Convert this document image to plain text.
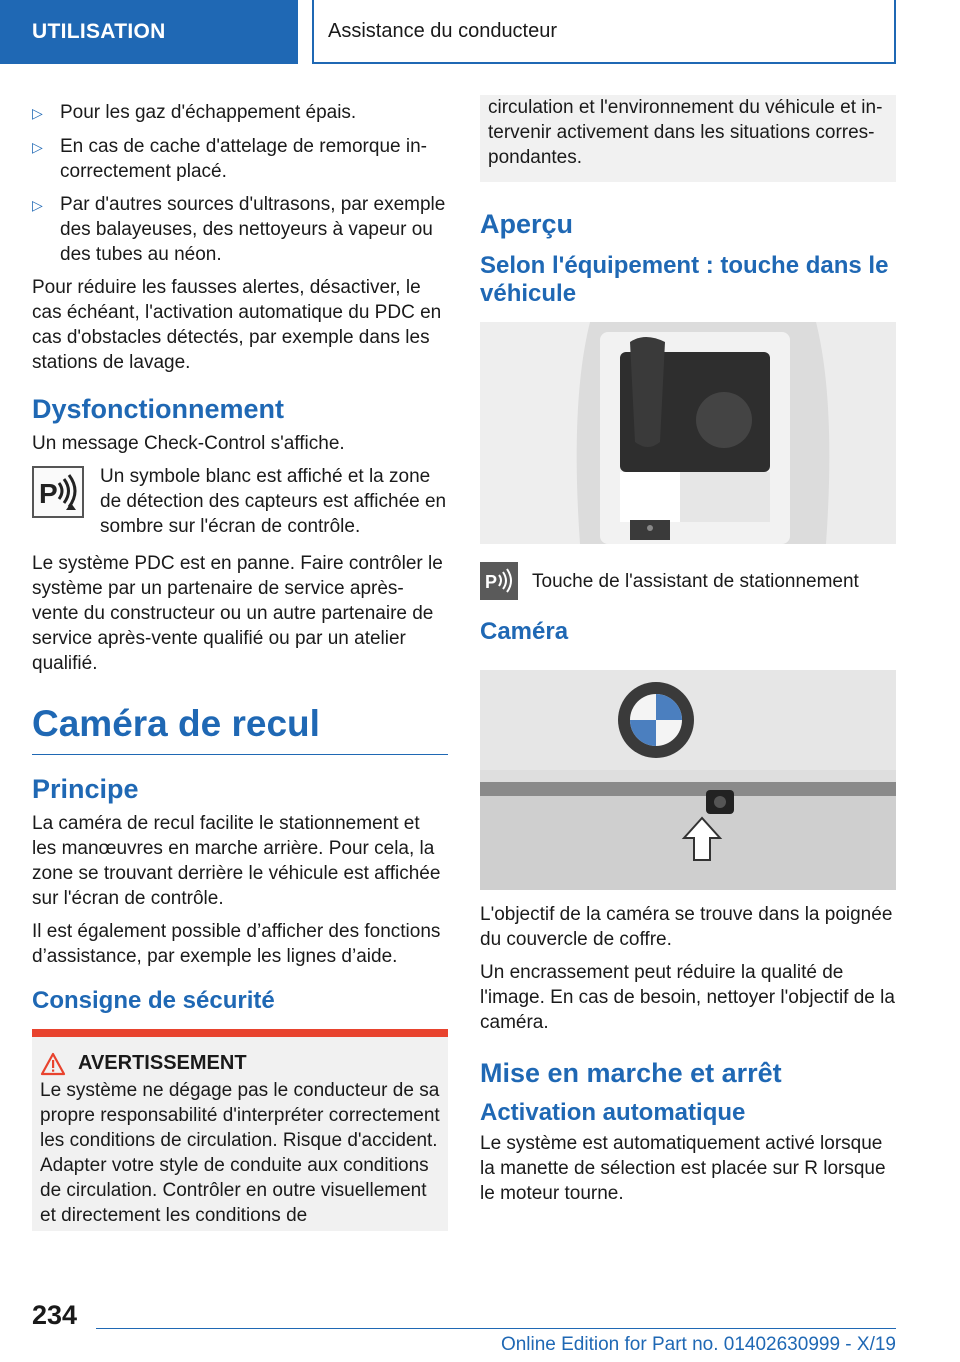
UTILISATION	Assistance du conducteur
▷ Pour les gaz d'échappement épais.
▷ En cas de cache d'attelage de remorque incorrectement placé.
▷ Par d'autres sources d'ultrasons, par exemple des balayeuses, des nettoyeurs à vapeur ou des tubes au néon.

Pour réduire les fausses alertes, désactiver, le cas échéant, l'activation automatique du PDC en cas d'obstacles détectés, par exemple dans les stations de lavage.

Dysfonctionnement

Un message Check-Control s'affiche.

P
Un symbole blanc est affiché et la zone de détection des capteurs est affichée en sombre sur l'écran de contrôle.

Le système PDC est en panne. Faire contrôler le système par un partenaire de service après-vente du constructeur ou un autre partenaire de service après-vente qualifié ou par un atelier qualifié.

Caméra de recul
Principe

La caméra de recul facilite le stationnement et les manœuvres en marche arrière. Pour cela, la zone se trouvant derrière le véhicule est affichée sur l'écran de contrôle.

Il est également possible d’afficher des fonctions d’assistance, par exemple les lignes d’aide.

Consigne de sécurité
AVERTISSEMENT
Le système ne dégage pas le conducteur de sa propre responsabilité d'interpréter correctement les conditions de circulation. Risque d'accident. Adapter votre style de conduite aux conditions de circulation. Contrôler en outre visuellement et directement les conditions de
circulation et l'environnement du véhicule et intervenir activement dans les situations correspondantes.
Aperçu
Selon l'équipement : touche dans le véhicule
P Touche de l'assistant de stationnement
Caméra

L'objectif de la caméra se trouve dans la poignée du couvercle de coffre.

Un encrassement peut réduire la qualité de l'image. En cas de besoin, nettoyer l'objectif de la caméra.

Mise en marche et arrêt
Activation automatique

Le système est automatiquement activé lorsque la manette de sélection est placée sur R lorsque le moteur tourne.

234
Online Edition for Part no. 01402630999 - X/19
